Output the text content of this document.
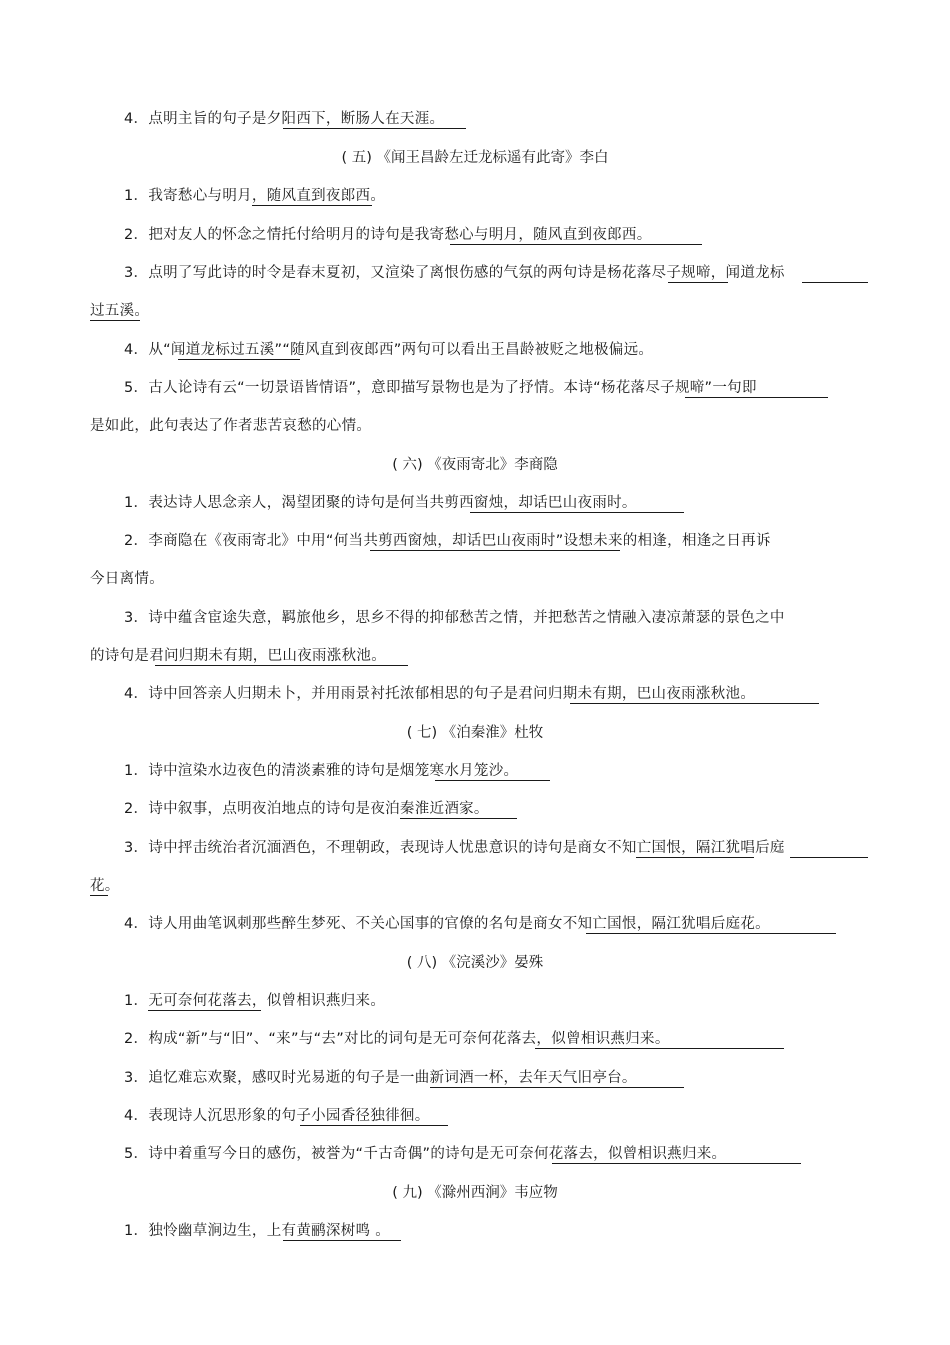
4．点明主旨的句子是夕阳西下，断肠人在天涯。
( 五) 《闻王昌龄左迁龙标遥有此寄》李白
1．我寄愁心与明月，随风直到夜郎西。
2．把对友人的怀念之情托付给明月的诗句是我寄愁心与明月，随风直到夜郎西。
3．点明了写此诗的时令是春末夏初，又渲染了离恨伤感的气氛的两句诗是杨花落尽子规啼，闻道龙标
过五溪。
4．从“闻道龙标过五溪”“随风直到夜郎西”两句可以看出王昌龄被贬之地极偏远。
5．古人论诗有云“一切景语皆情语”，意即描写景物也是为了抒情。本诗“杨花落尽子规啼”一句即
是如此，此句表达了作者悲苦哀愁的心情。
( 六) 《夜雨寄北》李商隐
1．表达诗人思念亲人，渴望团聚的诗句是何当共剪西窗烛，却话巴山夜雨时。
2．李商隐在《夜雨寄北》中用“何当共剪西窗烛，却话巴山夜雨时”设想未来的相逢，相逢之日再诉
今日离情。
3．诗中蕴含宦途失意，羁旅他乡，思乡不得的抑郁愁苦之情，并把愁苦之情融入凄凉萧瑟的景色之中
的诗句是君问归期未有期，巴山夜雨涨秋池。
4．诗中回答亲人归期未卜，并用雨景衬托浓郁相思的句子是君问归期未有期，巴山夜雨涨秋池。
( 七) 《泊秦淮》杜牧
1．诗中渲染水边夜色的清淡素雅的诗句是烟笼寒水月笼沙。
2．诗中叙事，点明夜泊地点的诗句是夜泊秦淮近酒家。
3．诗中抨击统治者沉湎酒色，不理朝政，表现诗人忧患意识的诗句是商女不知亡国恨，隔江犹唱后庭
花。
4．诗人用曲笔讽刺那些醉生梦死、不关心国事的官僚的名句是商女不知亡国恨，隔江犹唱后庭花。
( 八) 《浣溪沙》晏殊
1．无可奈何花落去，似曾相识燕归来。
2．构成“新”与“旧”、“来”与“去”对比的词句是无可奈何花落去，似曾相识燕归来。
3．追忆难忘欢聚，感叹时光易逝的句子是一曲新词酒一杯，去年天气旧亭台。
4．表现诗人沉思形象的句子小园香径独徘徊。
5．诗中着重写今日的感伤，被誉为“千古奇偶”的诗句是无可奈何花落去，似曾相识燕归来。
( 九) 《滁州西涧》韦应物
1．独怜幽草涧边生，上有黄鹂深树鸣 。
